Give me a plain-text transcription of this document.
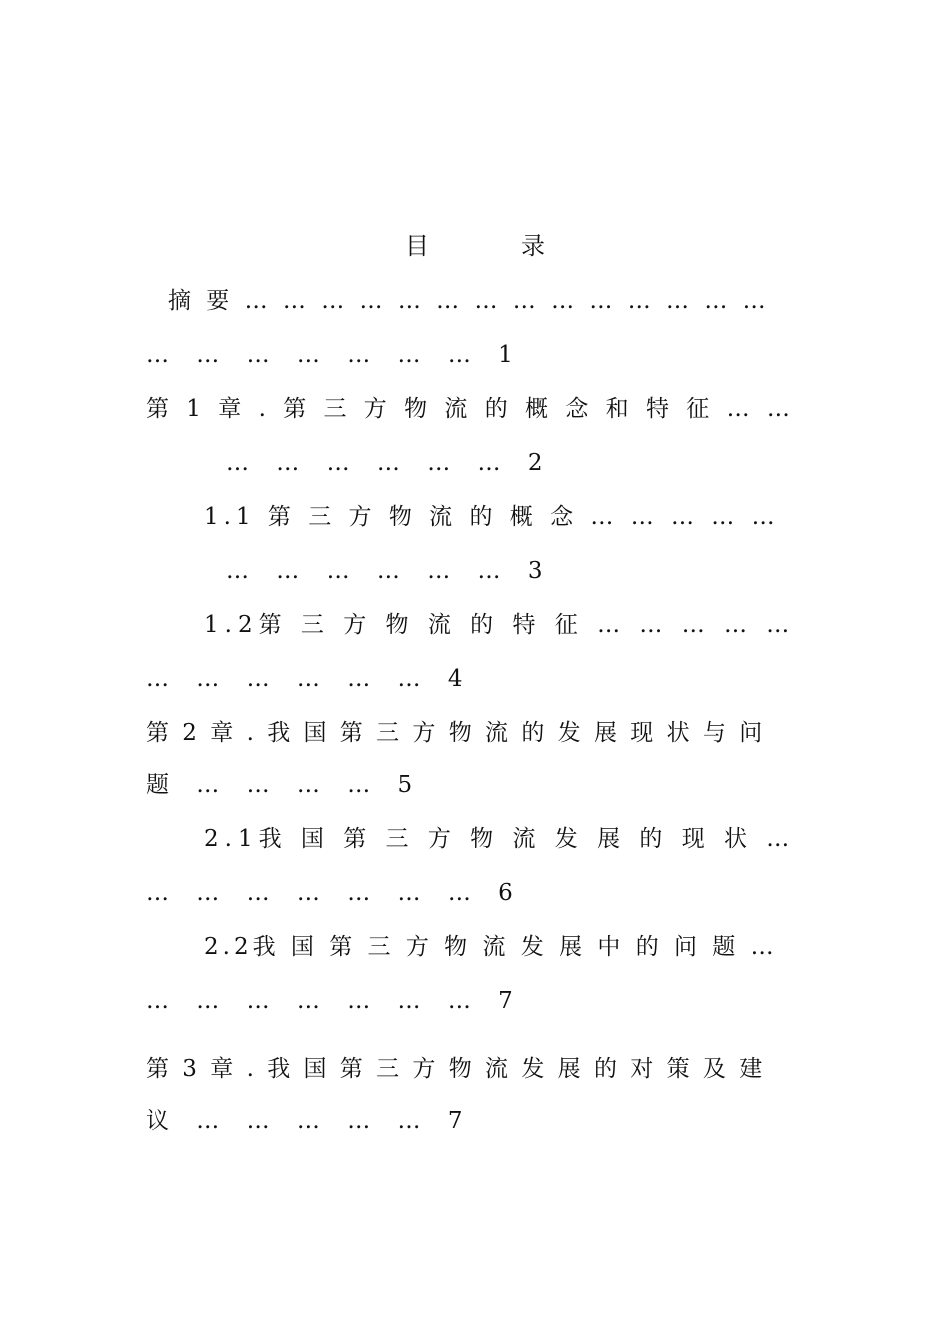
目	录
摘 要 … … … … … … … … … … … … … …
… … … … … … … 1
第 1 章 . 第 三 方 物 流 的 概 念 和 特 征 … …
… … … … … … 2
1.1 第 三 方 物 流 的 概 念 … … … … …
… … … … … … 3
1.2第 三 方 物 流 的 特 征 … … … … …
… … … … … … 4
第 2 章 . 我 国 第 三 方 物 流 的 发 展 现 状 与 问
题 … … … … 5
2.1我 国 第 三 方 物 流 发 展 的 现 状 …
… … … … … … … 6
2.2我 国 第 三 方 物 流 发 展 中 的 问 题 …
… … … … … … … 7
第 3 章 . 我 国 第 三 方 物 流 发 展 的 对 策 及 建
议 … … … … … 7
